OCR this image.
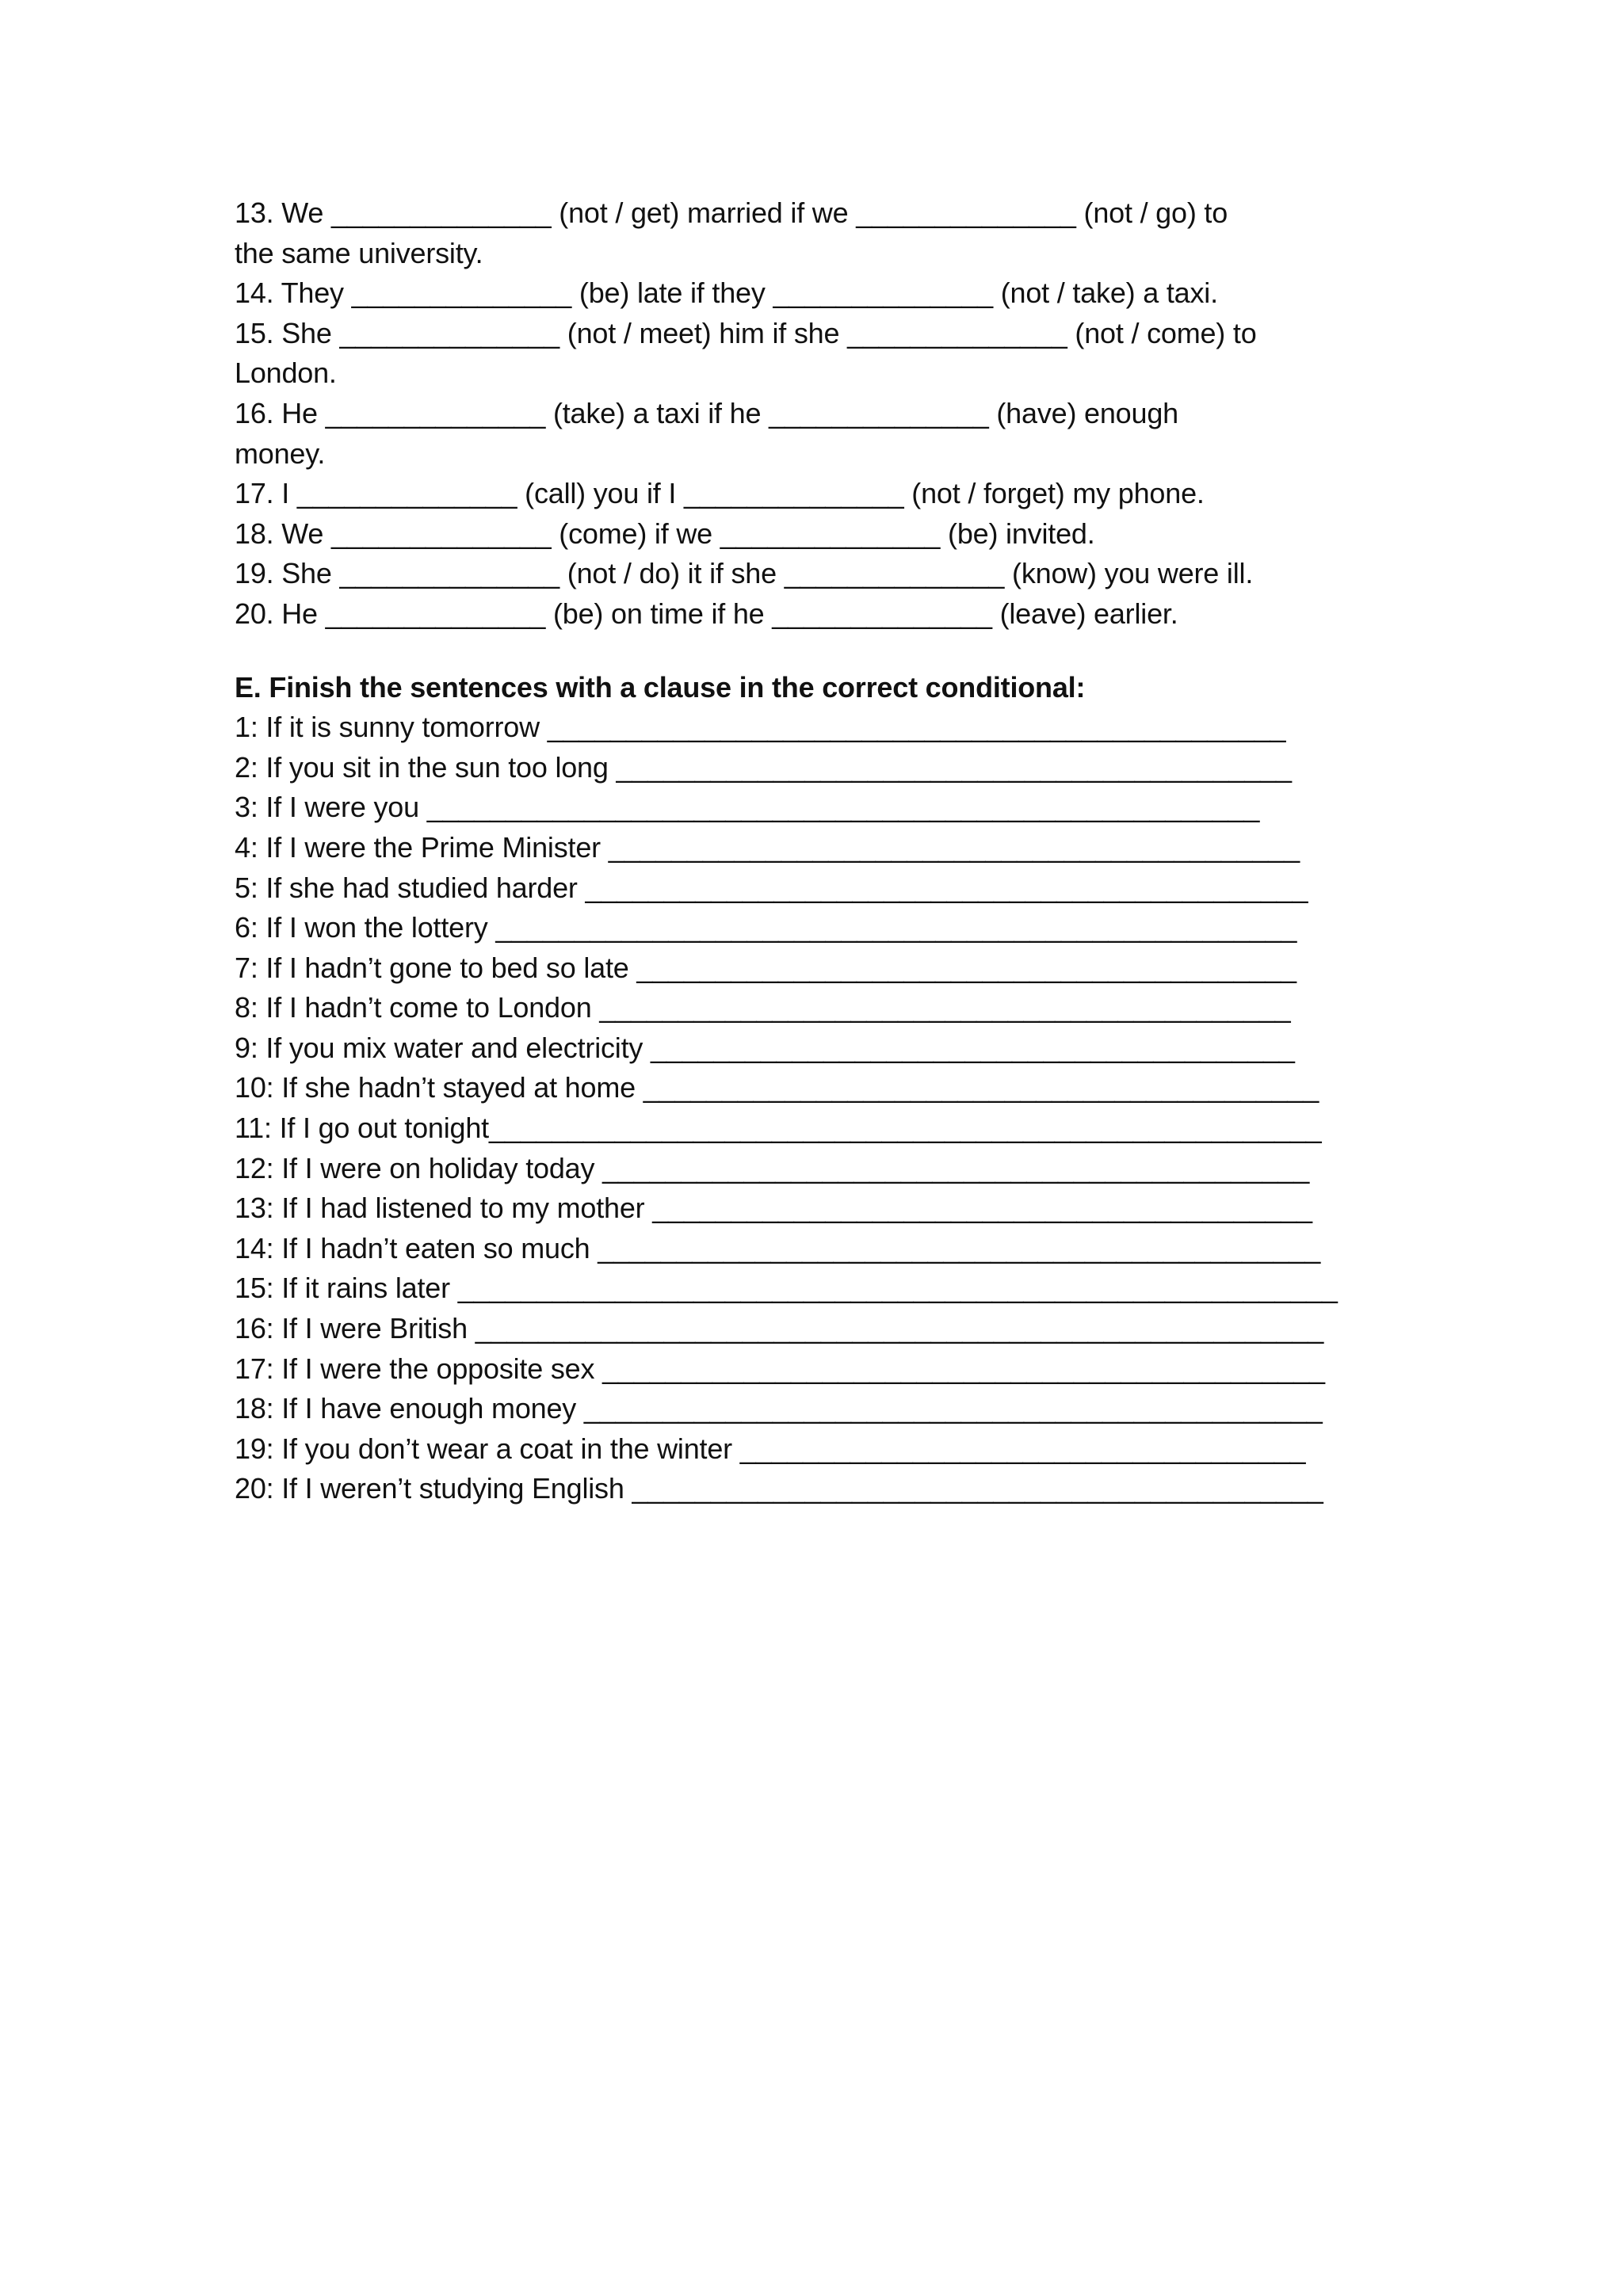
13. We ______________ (not / get) married if we ______________ (not / go) to
the same university.
14. They ______________ (be) late if they ______________ (not / take) a taxi.
15. She ______________ (not / meet) him if she ______________ (not / come) to
London.
16. He ______________ (take) a taxi if he ______________ (have) enough
money.
17. I ______________ (call) you if I ______________ (not / forget) my phone.
18. We ______________ (come) if we ______________ (be) invited.
19. She ______________ (not / do) it if she ______________ (know) you were ill.
20. He ______________ (be) on time if he ______________ (leave) earlier.
E. Finish the sentences with a clause in the correct conditional:
1: If it is sunny tomorrow _______________________________________________
2: If you sit in the sun too long ___________________________________________
3: If I were you _____________________________________________________
4: If I were the Prime Minister ____________________________________________
5: If she had studied harder ______________________________________________
6: If I won the lottery ___________________________________________________
7: If I hadn’t gone to bed so late __________________________________________
8: If I hadn’t come to London ____________________________________________
9: If you mix water and electricity _________________________________________
10: If she hadn’t stayed at home ___________________________________________
11: If I go out tonight_____________________________________________________
12: If I were on holiday today _____________________________________________
13: If I had listened to my mother __________________________________________
14: If I hadn’t eaten so much ______________________________________________
15: If it rains later ________________________________________________________
16: If I were British ______________________________________________________
17: If I were the opposite sex ______________________________________________
18: If I have enough money _______________________________________________
19: If you don’t wear a coat in the winter ____________________________________
20: If I weren’t studying English ____________________________________________
